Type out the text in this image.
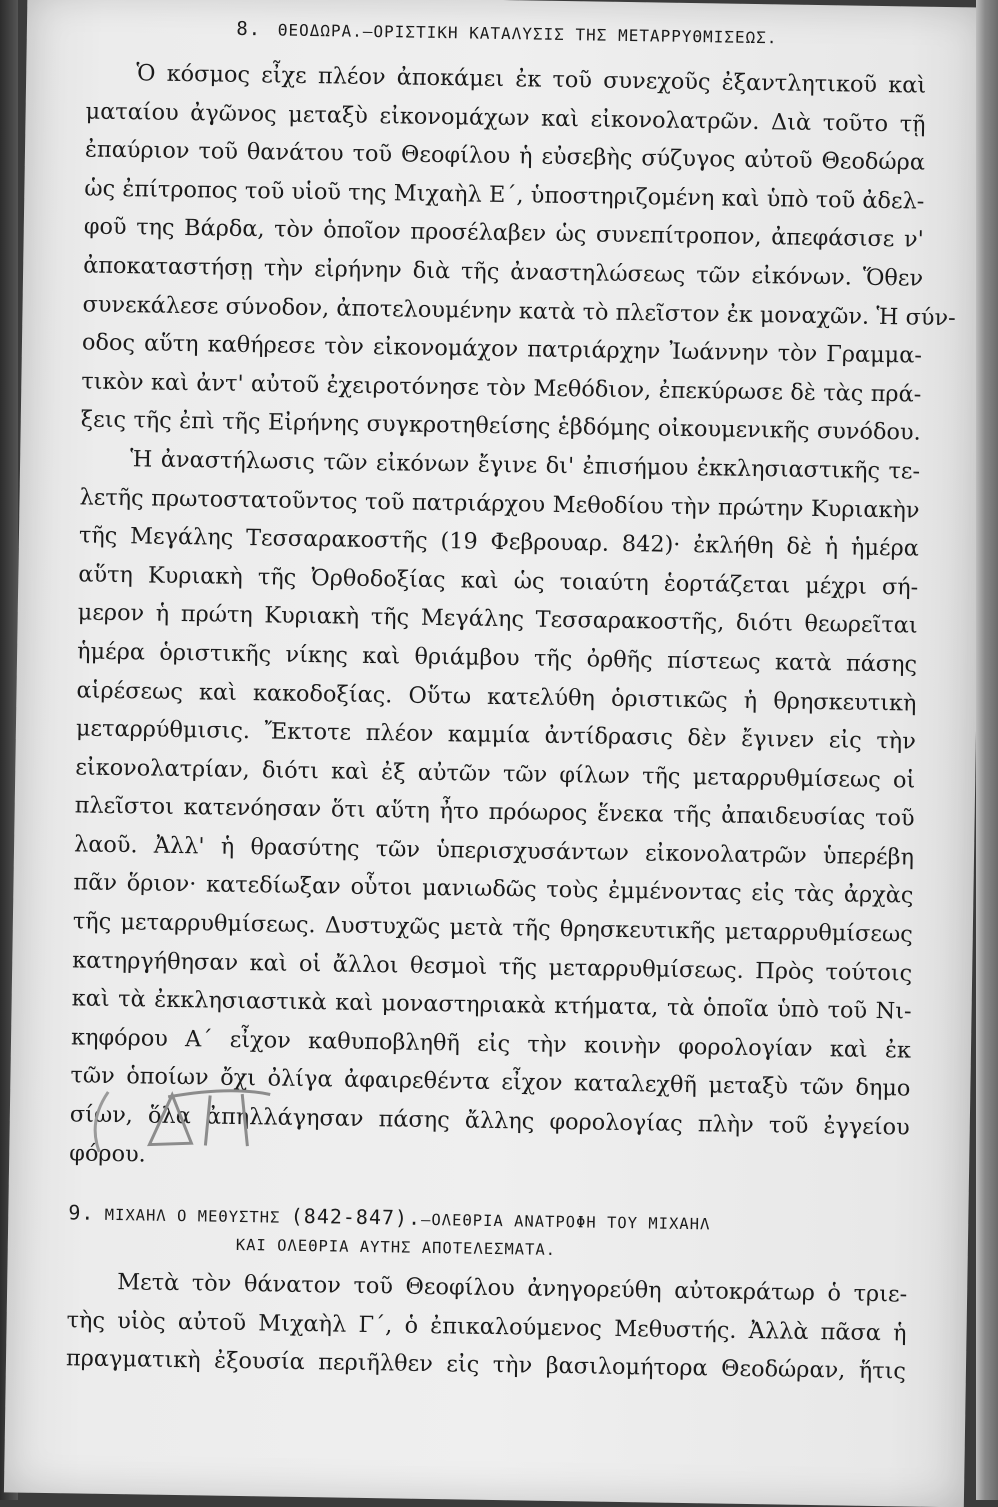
8. ΘΕΟΔΩΡΑ.—ΟΡΙΣΤΙΚΗ ΚΑΤΑΛΥΣΙΣ ΤΗΣ ΜΕΤΑΡΡΥΘΜΙΣΕΩΣ.

Ὁ κόσμος εἶχε πλέον ἀποκάμει ἐκ τοῦ συνεχοῦς ἐξαντλητικοῦ καὶ
ματαίου ἀγῶνος μεταξὺ εἰκονομάχων καὶ εἰκονολατρῶν. Διὰ τοῦτο τῇ
ἐπαύριον τοῦ θανάτου τοῦ Θεοφίλου ἡ εὐσεβὴς σύζυγος αὐτοῦ Θεοδώρα
ὡς ἐπίτροπος τοῦ υἱοῦ της Μιχαὴλ Ε΄, ὑποστηριζομένη καὶ ὑπὸ τοῦ ἀδελ-
φοῦ της Βάρδα, τὸν ὁποῖον προσέλαβεν ὡς συνεπίτροπον, ἀπεφάσισε ν'
ἀποκαταστήσῃ τὴν εἰρήνην διὰ τῆς ἀναστηλώσεως τῶν εἰκόνων. Ὅθεν
συνεκάλεσε σύνοδον, ἀποτελουμένην κατὰ τὸ πλεῖστον ἐκ μοναχῶν. Ἡ σύν-
οδος αὕτη καθήρεσε τὸν εἰκονομάχον πατριάρχην Ἰωάννην τὸν Γραμμα-
τικὸν καὶ ἀντ' αὐτοῦ ἐχειροτόνησε τὸν Μεθόδιον, ἐπεκύρωσε δὲ τὰς πρά-
ξεις τῆς ἐπὶ τῆς Εἰρήνης συγκροτηθείσης ἑβδόμης οἰκουμενικῆς συνόδου.

Ἡ ἀναστήλωσις τῶν εἰκόνων ἔγινε δι' ἐπισήμου ἐκκλησιαστικῆς τε-
λετῆς πρωτοστατοῦντος τοῦ πατριάρχου Μεθοδίου τὴν πρώτην Κυριακὴν
τῆς Μεγάλης Τεσσαρακοστῆς (19 Φεβρουαρ. 842)· ἐκλήθη δὲ ἡ ἡμέρα
αὕτη Κυριακὴ τῆς Ὀρθοδοξίας καὶ ὡς τοιαύτη ἑορτάζεται μέχρι σή-
μερον ἡ πρώτη Κυριακὴ τῆς Μεγάλης Τεσσαρακοστῆς, διότι θεωρεῖται
ἡμέρα ὁριστικῆς νίκης καὶ θριάμβου τῆς ὀρθῆς πίστεως κατὰ πάσης
αἱρέσεως καὶ κακοδοξίας. Οὕτω κατελύθη ὁριστικῶς ἡ θρησκευτικὴ
μεταρρύθμισις. Ἔκτοτε πλέον καμμία ἀντίδρασις δὲν ἔγινεν εἰς τὴν
εἰκονολατρίαν, διότι καὶ ἐξ αὐτῶν τῶν φίλων τῆς μεταρρυθμίσεως οἱ
πλεῖστοι κατενόησαν ὅτι αὕτη ἦτο πρόωρος ἕνεκα τῆς ἀπαιδευσίας τοῦ
λαοῦ. Ἀλλ' ἡ θρασύτης τῶν ὑπερισχυσάντων εἰκονολατρῶν ὑπερέβη
πᾶν ὅριον· κατεδίωξαν οὗτοι μανιωδῶς τοὺς ἐμμένοντας εἰς τὰς ἀρχὰς
τῆς μεταρρυθμίσεως. Δυστυχῶς μετὰ τῆς θρησκευτικῆς μεταρρυθμίσεως
κατηργήθησαν καὶ οἱ ἄλλοι θεσμοὶ τῆς μεταρρυθμίσεως. Πρὸς τούτοις
καὶ τὰ ἐκκλησιαστικὰ καὶ μοναστηριακὰ κτήματα, τὰ ὁποῖα ὑπὸ τοῦ Νι-
κηφόρου Α΄ εἶχον καθυποβληθῆ εἰς τὴν κοινὴν φορολογίαν καὶ ἐκ
τῶν ὁποίων ὄχι ὀλίγα ἀφαιρεθέντα εἶχον καταλεχθῆ μεταξὺ τῶν δημο
σίων, ὅλα ἀπηλλάγησαν πάσης ἄλλης φορολογίας πλὴν τοῦ ἐγγείου
φόρου.

9. ΜΙΧΑΗΛ Ο ΜΕΘΥΣΤΗΣ (842-847).—ΟΛΕΘΡΙΑ ΑΝΑΤΡΟΦΗ ΤΟΥ ΜΙΧΑΗΛ
ΚΑΙ ΟΛΕΘΡΙΑ ΑΥΤΗΣ ΑΠΟΤΕΛΕΣΜΑΤΑ.

Μετὰ τὸν θάνατον τοῦ Θεοφίλου ἀνηγορεύθη αὐτοκράτωρ ὁ τριε-
τὴς υἱὸς αὐτοῦ Μιχαὴλ Γ΄, ὁ ἐπικαλούμενος Μεθυστής. Ἀλλὰ πᾶσα ἡ
πραγματικὴ ἐξουσία περιῆλθεν εἰς τὴν βασιλομήτορα Θεοδώραν, ἥτις
